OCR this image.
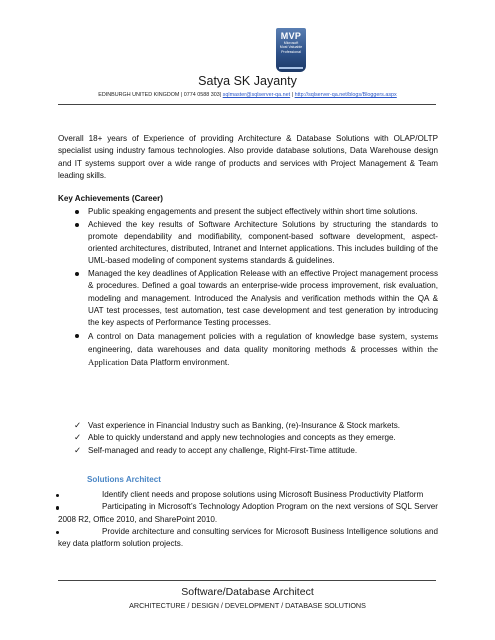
MVP
Microsoft
Most Valuable
Professional
Satya SK Jayanty
EDINBURGH UNITED KINGDOM | 0774 0588 303| sqlmaster@sqlserver-qa.net | http://sqlserver-qa.net/blogs/Bloggers.aspx
Overall 18+ years of Experience of providing Architecture & Database Solutions with OLAP/OLTP specialist using industry famous technologies. Also provide database solutions, Data Warehouse design and IT systems support over a wide range of products and services with Project Management & Team leading skills.
Key Achievements (Career)
Public speaking engagements and present the subject effectively within short time solutions.
Achieved the key results of Software Architecture Solutions by structuring the standards to promote dependability and modifiability, component-based software development, aspect-oriented architectures, distributed, Intranet and Internet applications. This includes building of the UML-based modeling of component systems standards & guidelines.
Managed the key deadlines of Application Release with an effective Project management process & procedures. Defined a goal towards an enterprise-wide process improvement, risk evaluation, modeling and management. Introduced the Analysis and verification methods within the QA & UAT test processes, test automation, test case development and test generation by introducing the key aspects of Performance Testing processes.
A control on Data management policies with a regulation of knowledge base system, systems engineering, data warehouses and data quality monitoring methods & processes within the Application Data Platform environment.
✓ Vast experience in Financial Industry such as Banking, (re)-Insurance & Stock markets.
✓ Able to quickly understand and apply new technologies and concepts as they emerge.
✓ Self-managed and ready to accept any challenge, Right-First-Time attitude.
Solutions Architect
Identify client needs and propose solutions using Microsoft Business Productivity Platform
Participating in Microsoft’s Technology Adoption Program on the next versions of SQL Server 2008 R2, Office 2010, and SharePoint 2010.
Provide architecture and consulting services for Microsoft Business Intelligence solutions and key data platform solution projects.
Software/Database Architect
ARCHITECTURE / DESIGN / DEVELOPMENT / DATABASE SOLUTIONS
